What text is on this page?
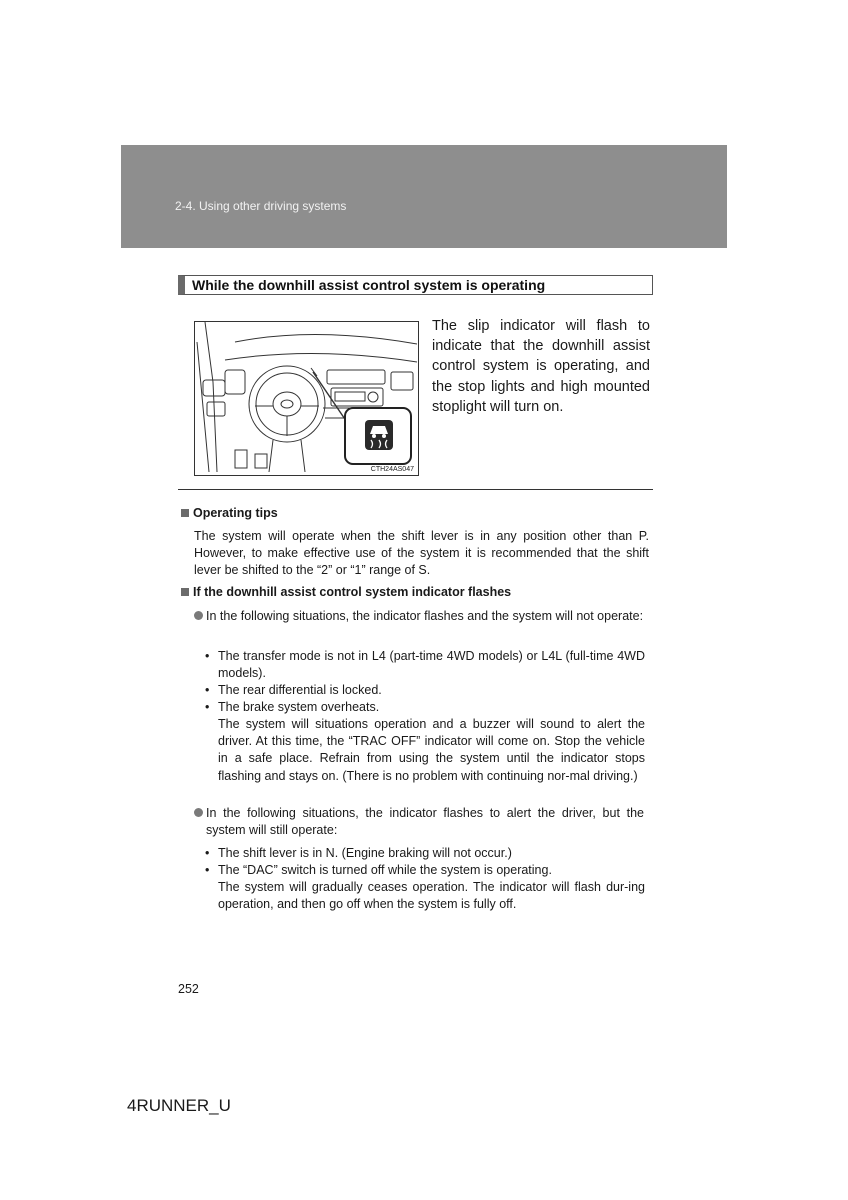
2-4. Using other driving systems
While the downhill assist control system is operating
CTH24AS047
The slip indicator will flash to indicate that the downhill assist control system is operating, and the stop lights and high mounted stoplight will turn on.
Operating tips
The system will operate when the shift lever is in any position other than P. However, to make effective use of the system it is recommended that the shift lever be shifted to the “2” or “1” range of S.
If the downhill assist control system indicator flashes
In the following situations, the indicator flashes and the system will not operate:
• The transfer mode is not in L4 (part-time 4WD models) or L4L (full-time 4WD models).
• The rear differential is locked.
• The brake system overheats.
The system will situations operation and a buzzer will sound to alert the driver. At this time, the “TRAC OFF” indicator will come on. Stop the vehicle in a safe place. Refrain from using the system until the indicator stops flashing and stays on. (There is no problem with continuing nor-mal driving.)
In the following situations, the indicator flashes to alert the driver, but the system will still operate:
• The shift lever is in N. (Engine braking will not occur.)
• The “DAC” switch is turned off while the system is operating.
The system will gradually ceases operation. The indicator will flash dur-ing operation, and then go off when the system is fully off.
252
4RUNNER_U
